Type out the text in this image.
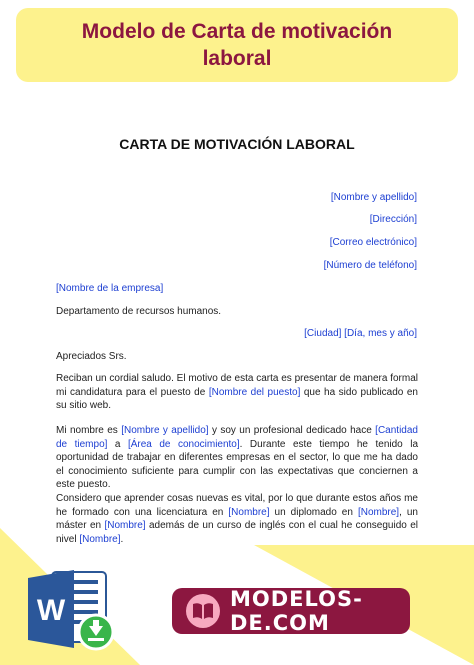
Modelo de Carta de motivación laboral
CARTA DE MOTIVACIÓN LABORAL
[Nombre y apellido]
[Dirección]
[Correo electrónico]
[Número de teléfono]
[Nombre de la empresa]
Departamento de recursos humanos.
[Ciudad] [Día, mes y año]
Apreciados Srs.
Reciban un cordial saludo. El motivo de esta carta es presentar de manera formal mi candidatura para el puesto de [Nombre del puesto] que ha sido publicado en su sitio web.
Mi nombre es [Nombre y apellido] y soy un profesional dedicado hace [Cantidad de tiempo] a [Área de conocimiento]. Durante este tiempo he tenido la oportunidad de trabajar en diferentes empresas en el sector, lo que me ha dado el conocimiento suficiente para cumplir con las expectativas que conciernen a este puesto.
Considero que aprender cosas nuevas es vital, por lo que durante estos años me he formado con una licenciatura en [Nombre] un diplomado en [Nombre], un máster en [Nombre] además de un curso de inglés con el cual he conseguido el nivel [Nombre].
W	MODELOS-DE.COM
